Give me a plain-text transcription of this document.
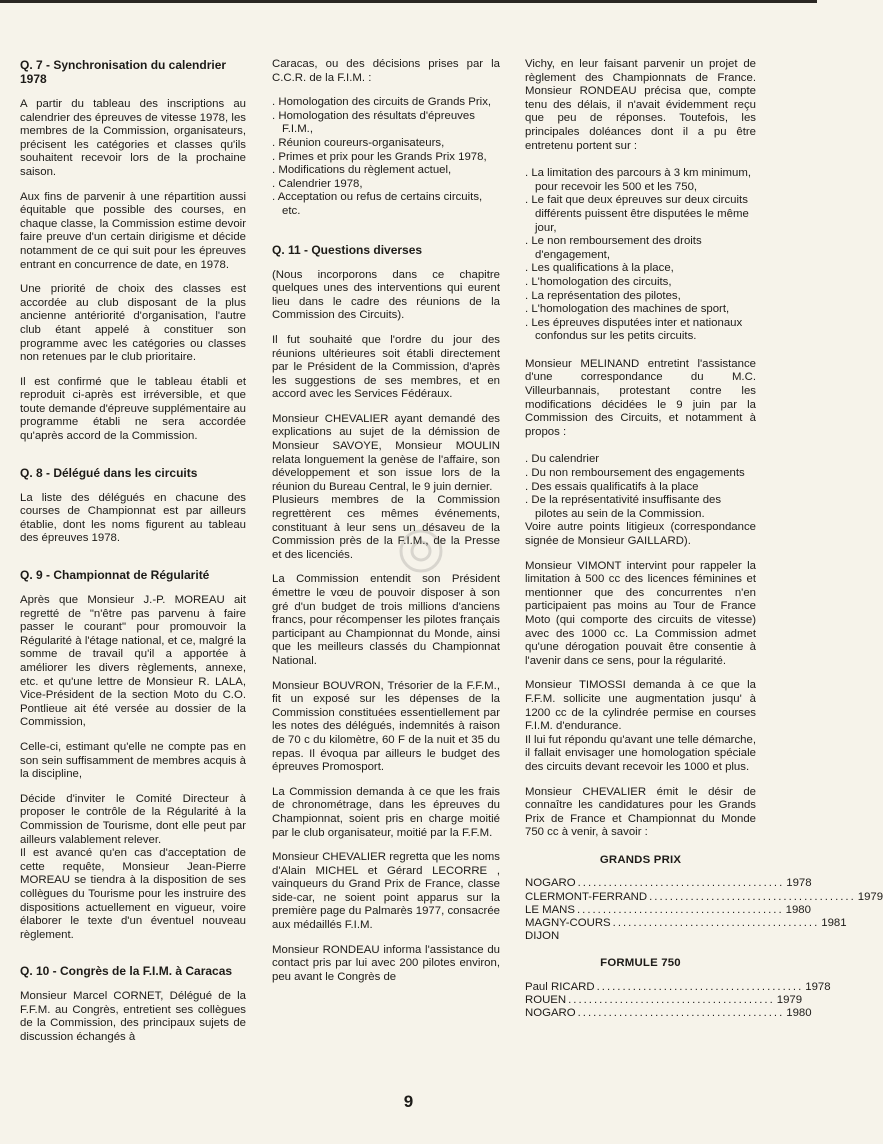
Q. 7 - Synchronisation du calendrier 1978

A partir du tableau des inscriptions au calendrier des épreuves de vitesse 1978, les membres de la Commission, organisateurs, précisent les catégories et classes qu'ils souhaitent recevoir lors de la prochaine saison.

Aux fins de parvenir à une répartition aussi équitable que possible des courses, en chaque classe, la Commission estime devoir faire preuve d'un certain dirigisme et décide notamment de ce qui suit pour les épreuves entrant en concurrence de date, en 1978.

Une priorité de choix des classes est accordée au club disposant de la plus ancienne antériorité d'organisation, l'autre club étant appelé à constituer son programme avec les catégories ou classes non retenues par le club prioritaire.

Il est confirmé que le tableau établi et reproduit ci-après est irréversible, et que toute demande d'épreuve supplémentaire au programme établi ne sera accordée qu'après accord de la Commission.

Q. 8 - Délégué dans les circuits

La liste des délégués en chacune des courses de Championnat est par ailleurs établie, dont les noms figurent au tableau des épreuves 1978.

Q. 9 - Championnat de Régularité

Après que Monsieur J.-P. MOREAU ait regretté de "n'être pas parvenu à faire passer le courant" pour promouvoir la Régularité à l'étage national, et ce, malgré la somme de travail qu'il a apportée à améliorer les divers règlements, annexe, etc. et qu'une lettre de Monsieur R. LALA, Vice-Président de la section Moto du C.O. Pontlieue ait été versée au dossier de la Commission,

Celle-ci, estimant qu'elle ne compte pas en son sein suffisamment de membres acquis à la discipline,

Décide d'inviter le Comité Directeur à proposer le contrôle de la Régularité à la Commission de Tourisme, dont elle peut par ailleurs valablement relever.

Il est avancé qu'en cas d'acceptation de cette requête, Monsieur Jean-Pierre MOREAU se tiendra à la disposition de ses collègues du Tourisme pour les instruire des dispositions actuellement en vigueur, voire élaborer le texte d'un éventuel nouveau règlement.

Q. 10 - Congrès de la F.I.M. à Caracas

Monsieur Marcel CORNET, Délégué de la F.F.M. au Congrès, entretient ses collègues de la Commission, des principaux sujets de discussion échangés à

Caracas, ou des décisions prises par la C.C.R. de la F.I.M. :

. Homologation des circuits de Grands Prix,
. Homologation des résultats d'épreuves F.I.M.,
. Réunion coureurs-organisateurs,
. Primes et prix pour les Grands Prix 1978,
. Modifications du règlement actuel,
. Calendrier 1978,
. Acceptation ou refus de certains circuits, etc.
Q. 11 - Questions diverses

(Nous incorporons dans ce chapitre quelques unes des interventions qui eurent lieu dans le cadre des réunions de la Commission des Circuits).

Il fut souhaité que l'ordre du jour des réunions ultérieures soit établi directement par le Président de la Commission, d'après les suggestions de ses membres, et en accord avec les Services Fédéraux.

Monsieur CHEVALIER ayant demandé des explications au sujet de la démission de Monsieur SAVOYE, Monsieur MOULIN relata longuement la genèse de l'affaire, son développement et son issue lors de la réunion du Bureau Central, le 9 juin dernier.

Plusieurs membres de la Commission regrettèrent ces mêmes événements, constituant à leur sens un désaveu de la Commission près de la F.I.M., de la Presse et des licenciés.

La Commission entendit son Président émettre le vœu de pouvoir disposer à son gré d'un budget de trois millions d'anciens francs, pour récompenser les pilotes français participant au Championnat du Monde, ainsi que les meilleurs classés du Championnat National.

Monsieur BOUVRON, Trésorier de la F.F.M., fit un exposé sur les dépenses de la Commission constituées essentiellement par les notes des délégués, indemnités à raison de 70 c du kilomètre, 60 F de la nuit et 35 du repas. Il évoqua par ailleurs le budget des épreuves Promosport.

La Commission demanda à ce que les frais de chronométrage, dans les épreuves du Championnat, soient pris en charge moitié par le club organisateur, moitié par la F.F.M.

Monsieur CHEVALIER regretta que les noms d'Alain MICHEL et Gérard LECORRE , vainqueurs du Grand Prix de France, classe side-car, ne soient point apparus sur la première page du Palmarès 1977, consacrée aux médaillés F.I.M.

Monsieur RONDEAU informa l'assistance du contact pris par lui avec 200 pilotes environ, peu avant le Congrès de

Vichy, en leur faisant parvenir un projet de règlement des Championnats de France. Monsieur RONDEAU précisa que, compte tenu des délais, il n'avait évidemment reçu que peu de réponses. Toutefois, les principales doléances dont il a pu être entretenu portent sur :

. La limitation des parcours à 3 km minimum, pour recevoir les 500 et les 750,
. Le fait que deux épreuves sur deux circuits différents puissent être disputées le même jour,
. Le non remboursement des droits d'engagement,
. Les qualifications à la place,
. L'homologation des circuits,
. La représentation des pilotes,
. L'homologation des machines de sport,
. Les épreuves disputées inter et nationaux confondus sur les petits circuits.

Monsieur MELINAND entretint l'assistance d'une correspondance du M.C. Villeurbannais, protestant contre les modifications décidées le 9 juin par la Commission des Circuits, et notamment à propos :

. Du calendrier
. Du non remboursement des engagements
. Des essais qualificatifs à la place
. De la représentativité insuffisante des pilotes au sein de la Commission.

Voire autre points litigieux (correspondance signée de Monsieur GAILLARD).

Monsieur VIMONT intervint pour rappeler la limitation à 500 cc des licences féminines et mentionner que des concurrentes n'en participaient pas moins au Tour de France Moto (qui comporte des circuits de vitesse) avec des 1000 cc. La Commission admet qu'une dérogation pouvait être consentie à l'avenir dans ce sens, pour la régularité.

Monsieur TIMOSSI demanda à ce que la F.F.M. sollicite une augmentation jusqu' à 1200 cc de la cylindrée permise en courses F.I.M. d'endurance.

Il lui fut répondu qu'avant une telle démarche, il fallait envisager une homologation spéciale des circuits devant recevoir les 1000 et plus.

Monsieur CHEVALIER émit le désir de connaître les candidatures pour les Grands Prix de France et Championnat du Monde 750 cc à venir, à savoir :

GRANDS PRIX
NOGARO ........................................ 1978
CLERMONT-FERRAND ........................................ 1979
LE MANS ........................................ 1980
MAGNY-COURS ........................................ 1981
DIJON
FORMULE 750
Paul RICARD ........................................ 1978
ROUEN ........................................ 1979
NOGARO ........................................ 1980
9
